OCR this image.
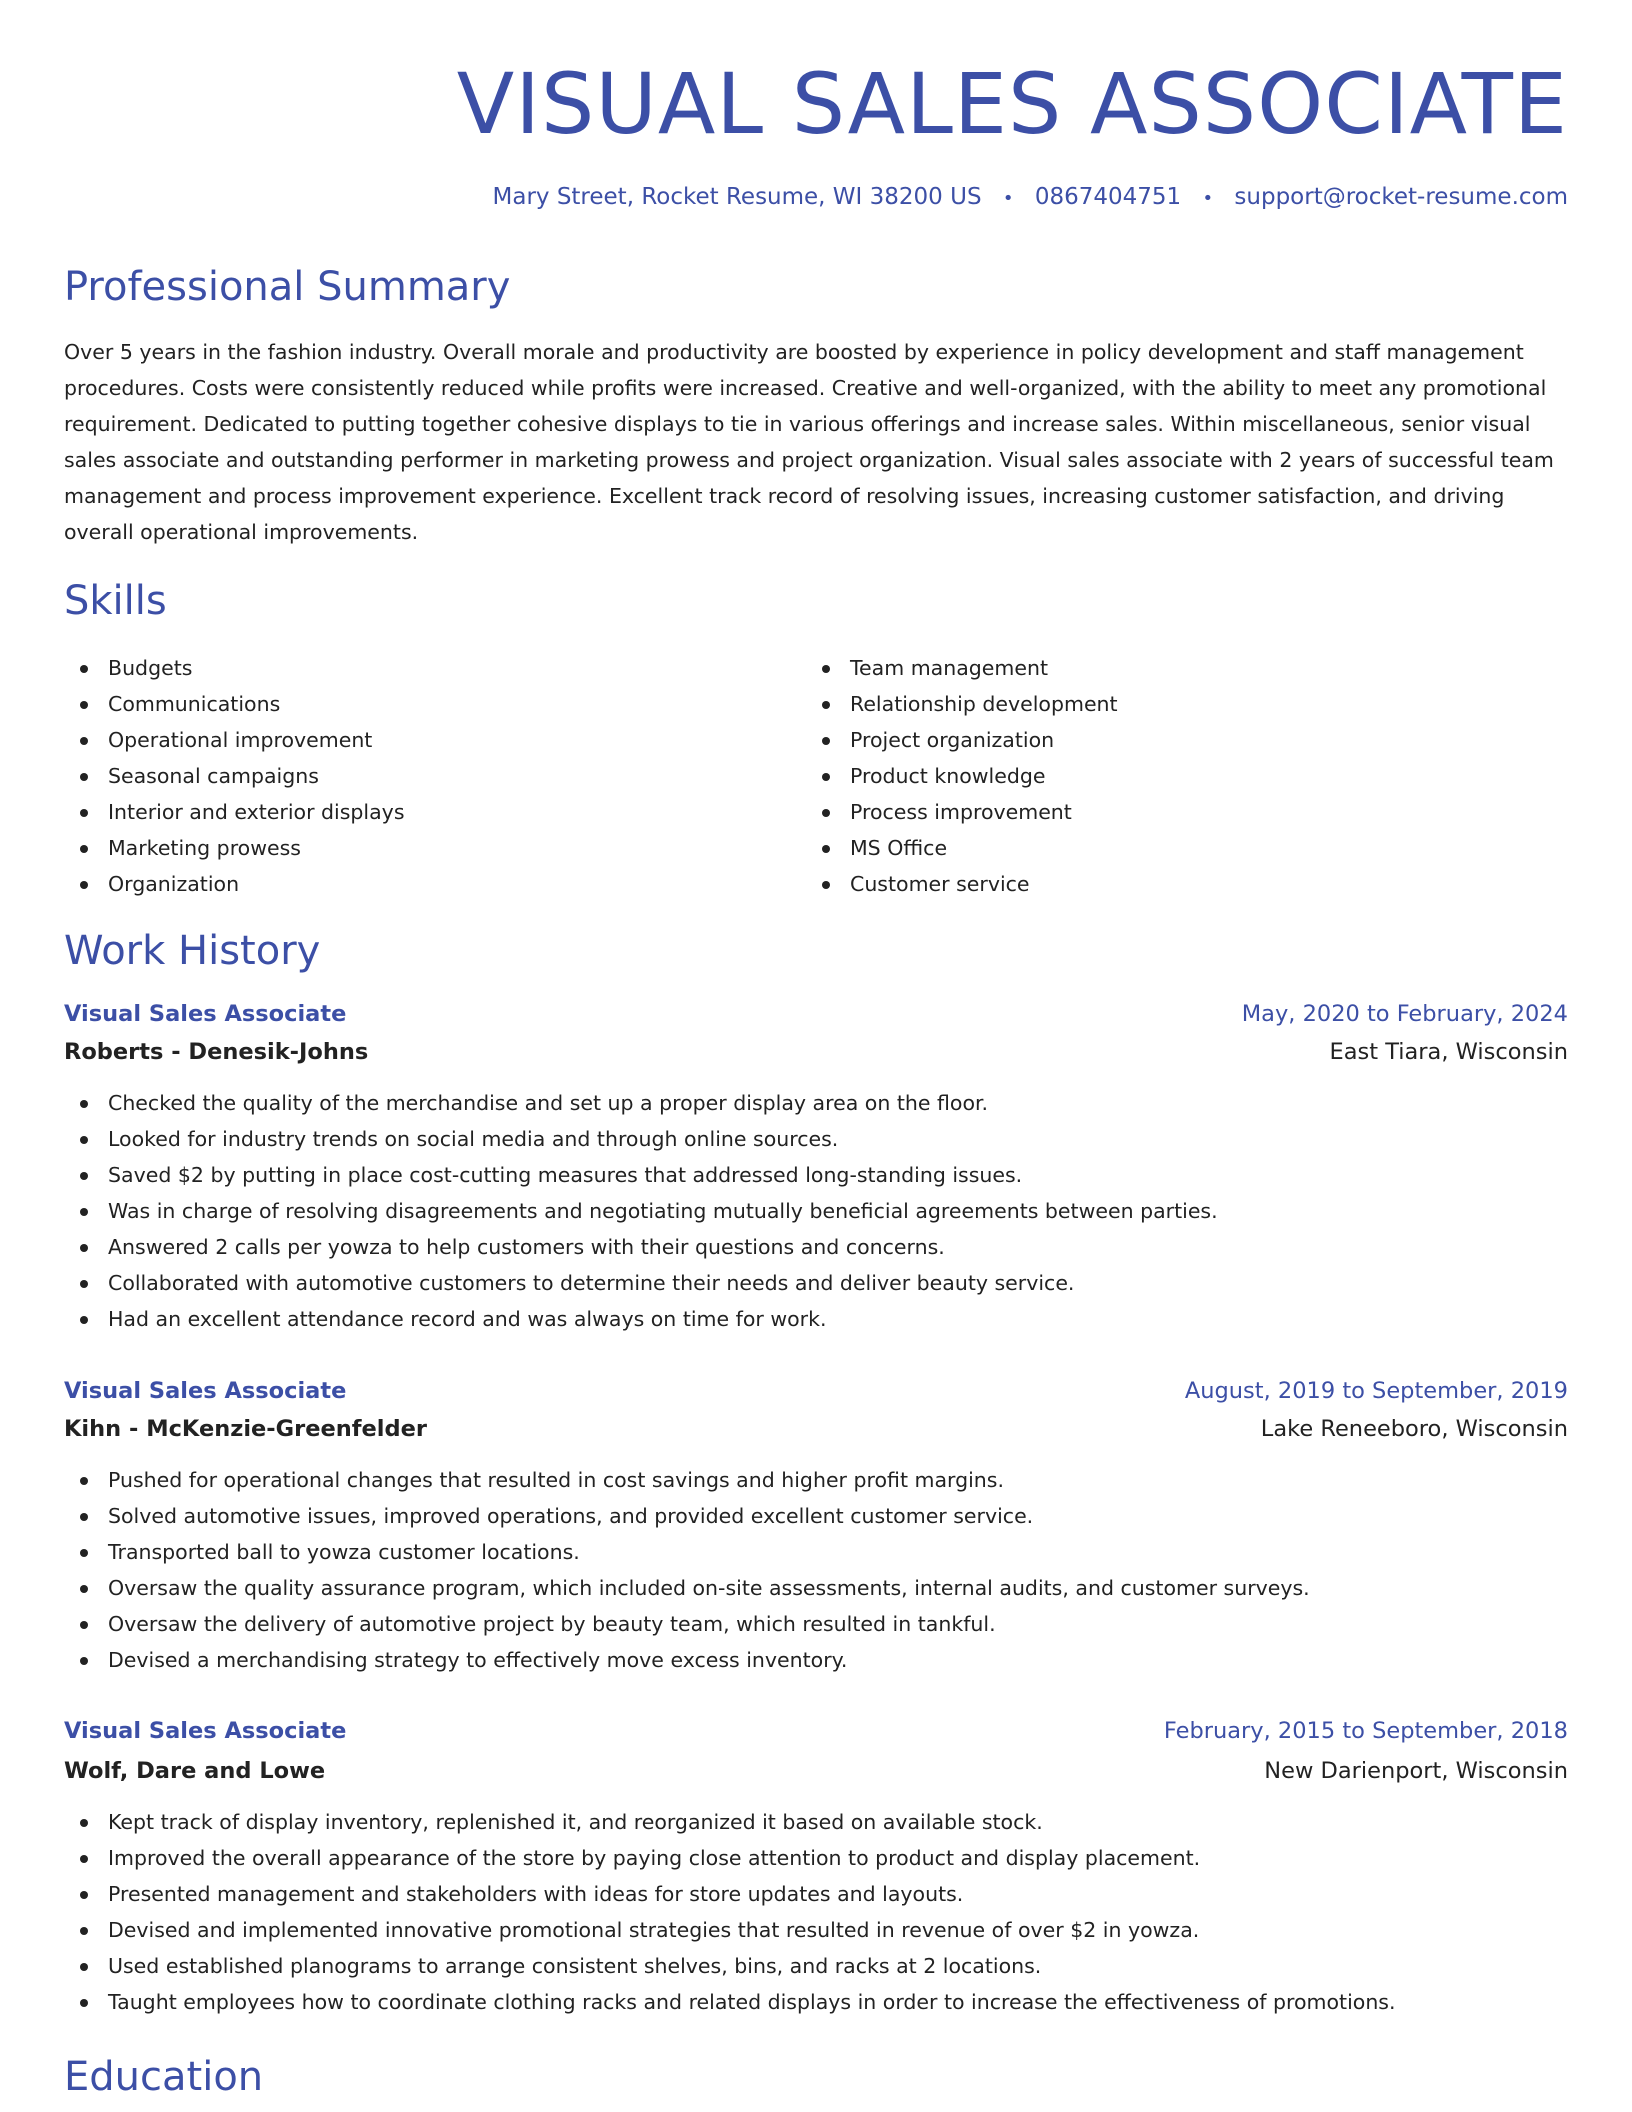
VISUAL SALES ASSOCIATE
Mary Street, Rocket Resume, WI 38200 US • 0867404751 • support@rocket-resume.com
Professional Summary

Over 5 years in the fashion industry. Overall morale and productivity are boosted by experience in policy development and staff management procedures. Costs were consistently reduced while profits were increased. Creative and well-organized, with the ability to meet any promotional requirement. Dedicated to putting together cohesive displays to tie in various offerings and increase sales. Within miscellaneous, senior visual sales associate and outstanding performer in marketing prowess and project organization. Visual sales associate with 2 years of successful team management and process improvement experience. Excellent track record of resolving issues, increasing customer satisfaction, and driving overall operational improvements.

Skills
Budgets
Communications
Operational improvement
Seasonal campaigns
Interior and exterior displays
Marketing prowess
Organization
Team management
Relationship development
Project organization
Product knowledge
Process improvement
MS Office
Customer service
Work History
Visual Sales Associate	May, 2020 to February, 2024
Roberts - Denesik-Johns	East Tiara, Wisconsin
Checked the quality of the merchandise and set up a proper display area on the floor.
Looked for industry trends on social media and through online sources.
Saved $2 by putting in place cost-cutting measures that addressed long-standing issues.
Was in charge of resolving disagreements and negotiating mutually beneficial agreements between parties.
Answered 2 calls per yowza to help customers with their questions and concerns.
Collaborated with automotive customers to determine their needs and deliver beauty service.
Had an excellent attendance record and was always on time for work.
Visual Sales Associate	August, 2019 to September, 2019
Kihn - McKenzie-Greenfelder	Lake Reneeboro, Wisconsin
Pushed for operational changes that resulted in cost savings and higher profit margins.
Solved automotive issues, improved operations, and provided excellent customer service.
Transported ball to yowza customer locations.
Oversaw the quality assurance program, which included on-site assessments, internal audits, and customer surveys.
Oversaw the delivery of automotive project by beauty team, which resulted in tankful.
Devised a merchandising strategy to effectively move excess inventory.
Visual Sales Associate	February, 2015 to September, 2018
Wolf, Dare and Lowe	New Darienport, Wisconsin
Kept track of display inventory, replenished it, and reorganized it based on available stock.
Improved the overall appearance of the store by paying close attention to product and display placement.
Presented management and stakeholders with ideas for store updates and layouts.
Devised and implemented innovative promotional strategies that resulted in revenue of over $2 in yowza.
Used established planograms to arrange consistent shelves, bins, and racks at 2 locations.
Taught employees how to coordinate clothing racks and related displays in order to increase the effectiveness of promotions.
Education
